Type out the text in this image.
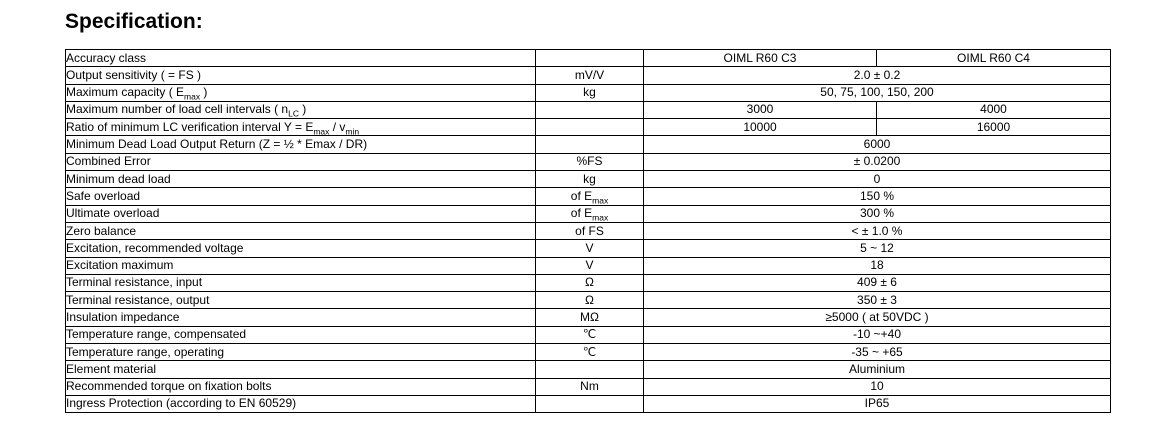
Specification:
Accuracy class		OIML R60 C3	OIML R60 C4
Output sensitivity ( = FS )	mV/V	2.0 ± 0.2	
Maximum capacity ( $E_{max}$ )	kg	50, 75, 100, 150, 200	
Maximum number of load cell intervals ( $n_{LC}$ )		3000	4000
Ratio of minimum LC verification interval $Y = E_{max} / v_{min}$		10000	16000
Minimum Dead Load Output Return (Z = ½ * Emax / DR)		6000	
Combined Error	%FS	± 0.0200	
Minimum dead load	kg	0	
Safe overload	of $E_{max}$	150 %	
Ultimate overload	of $E_{max}$	300 %	
Zero balance	of FS	< ± 1.0 %	
Excitation, recommended voltage	V	5 ~ 12	
Excitation maximum	V	18	
Terminal resistance, input	Ω	409 ± 6	
Terminal resistance, output	Ω	350 ± 3	
Insulation impedance	MΩ	≥5000 ( at 50VDC )	
Temperature range, compensated	℃	-10 ~+40	
Temperature range, operating	℃	-35 ~ +65	
Element material		Aluminium	
Recommended torque on fixation bolts	Nm	10	
Ingress Protection (according to EN 60529)		IP65	
